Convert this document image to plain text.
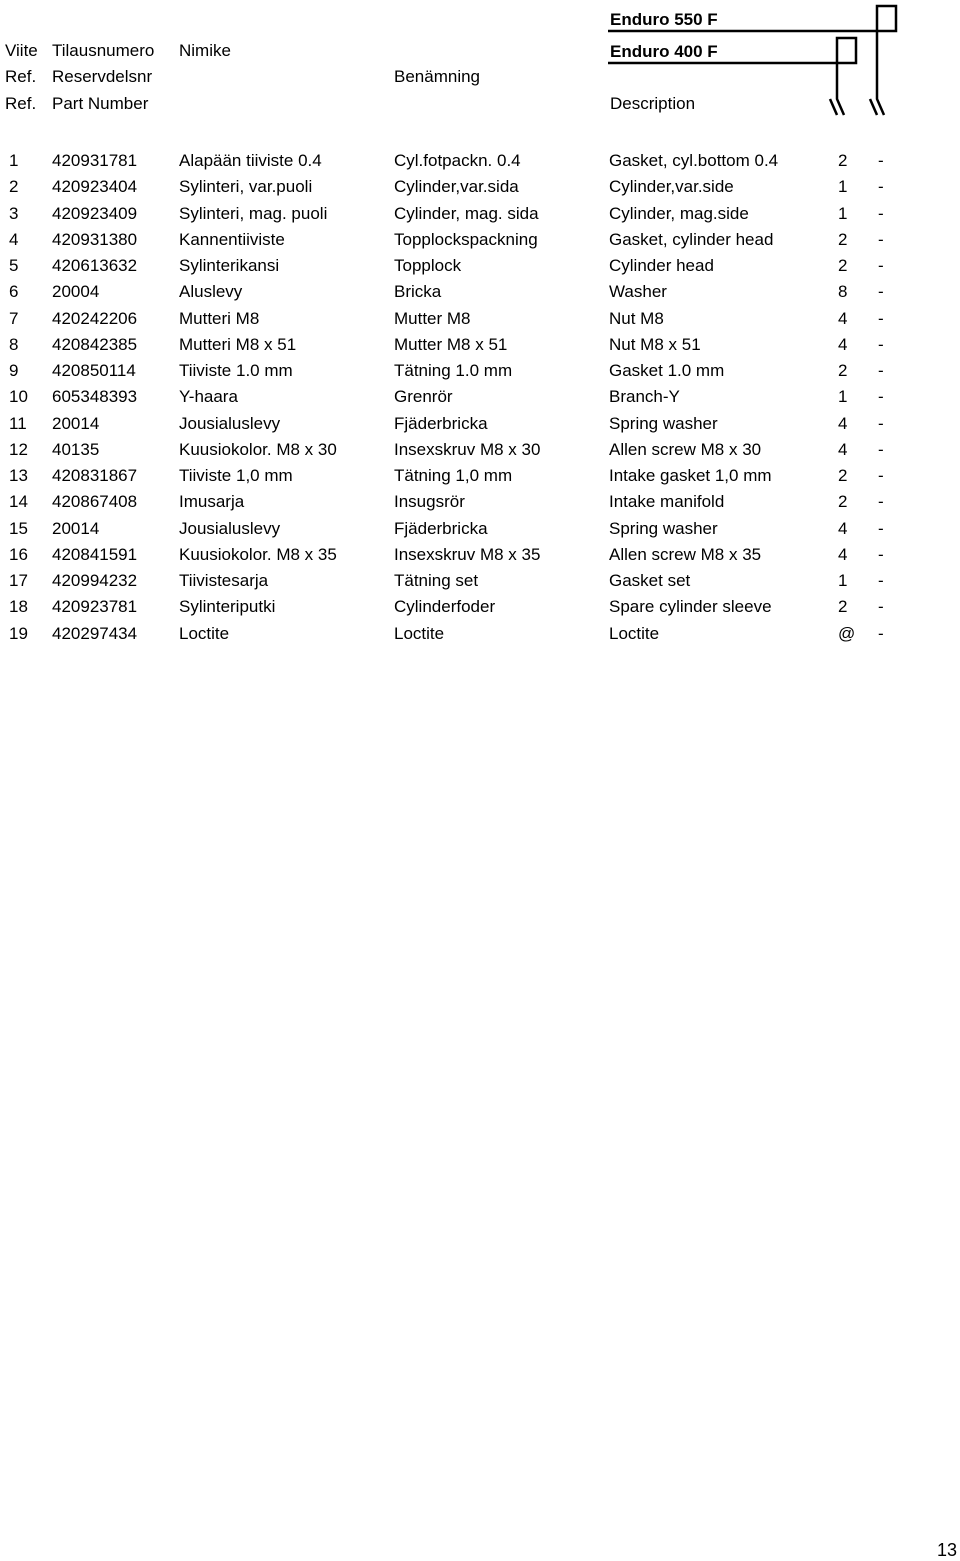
Viite Tilausnumero Nimike
Ref. Reservdelsnr	Benämning
Ref. Part Number	Description
Enduro 550 F
Enduro 400 F
1 420931781 Alapään tiiviste 0.4	Cyl.fotpackn. 0.4	Gasket, cyl.bottom 0.4	2 -
2 420923404 Sylinteri, var.puoli	Cylinder,var.sida	Cylinder,var.side	1 -
3 420923409 Sylinteri, mag. puoli	Cylinder, mag. sida	Cylinder, mag.side	1 -
4 420931380 Kannentiiviste	Topplockspackning	Gasket, cylinder head	2 -
5 420613632 Sylinterikansi	Topplock	Cylinder head	2 -
6 20004	Aluslevy	Bricka	Washer	8 -
7 420242206 Mutteri M8	Mutter M8	Nut M8	4 -
8 420842385 Mutteri M8 x 51	Mutter M8 x 51	Nut M8 x 51	4 -
9 420850114	Tiiviste 1.0 mm	Tätning 1.0 mm	Gasket 1.0 mm	2 -
10 605348393 Y-haara	Grenrör	Branch-Y	1 -
11 20014	Jousialuslevy	Fjäderbricka	Spring washer	4 -
12 40135	Kuusiokolor. M8 x 30	Insexskruv M8 x 30	Allen screw M8 x 30	4 -
13 420831867 Tiiviste 1,0 mm	Tätning 1,0 mm	Intake gasket 1,0 mm	2 -
14 420867408 Imusarja	Insugsrör	Intake manifold	2 -
15 20014	Jousialuslevy	Fjäderbricka	Spring washer	4 -
16 420841591 Kuusiokolor. M8 x 35	Insexskruv M8 x 35	Allen screw M8 x 35	4 -
17 420994232 Tiivistesarja	Tätning set	Gasket set	1 -
18 420923781 Sylinteriputki	Cylinderfoder	Spare cylinder sleeve	2 -
19 420297434 Loctite	Loctite	Loctite	@ -
13
